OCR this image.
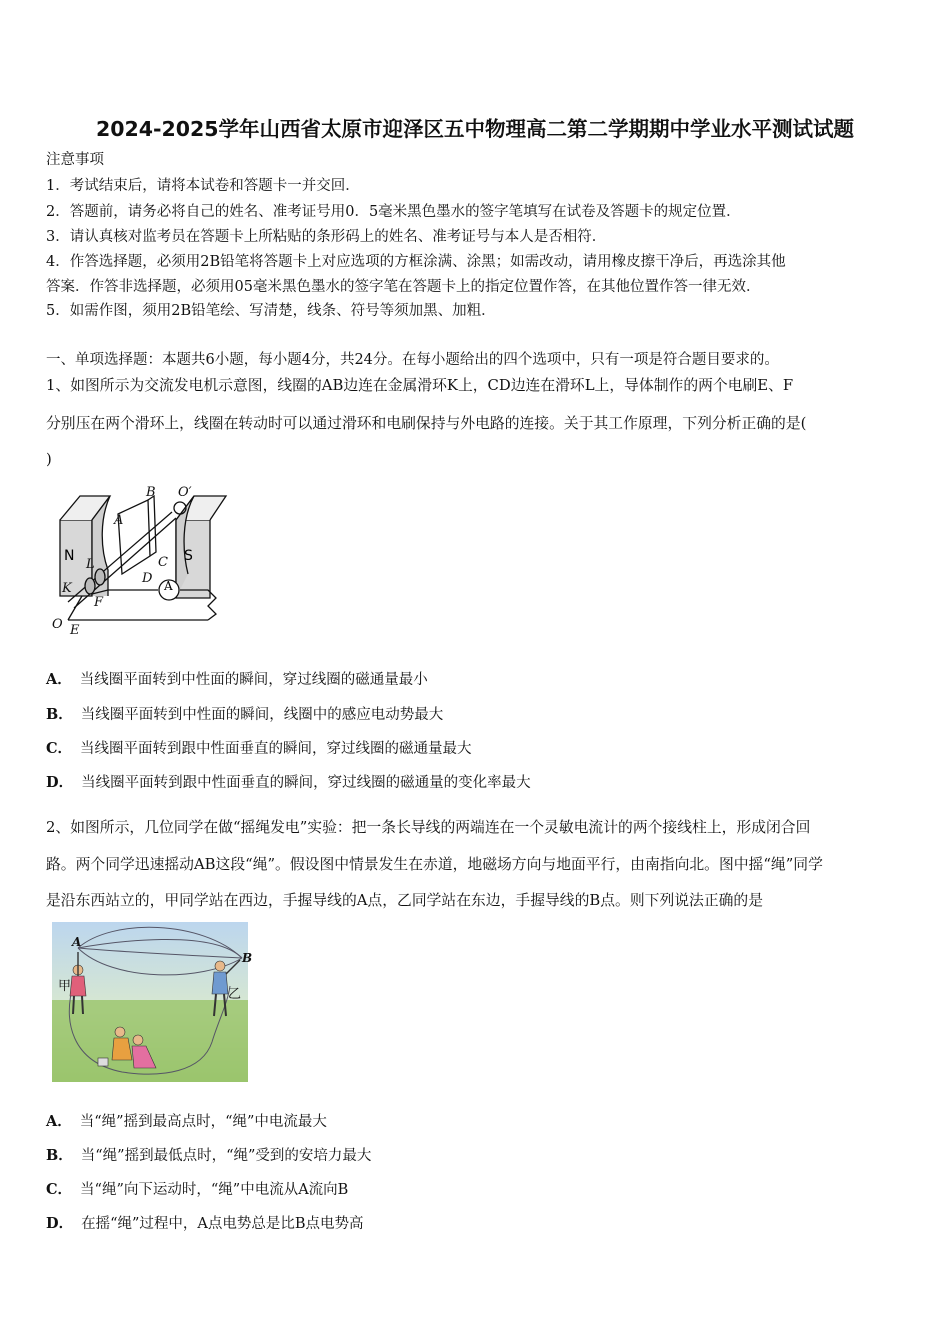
2024-2025学年山西省太原市迎泽区五中物理高二第二学期期中学业水平测试试题
注意事项
1．考试结束后，请将本试卷和答题卡一并交回．
2．答题前，请务必将自己的姓名、准考证号用0．5毫米黑色墨水的签字笔填写在试卷及答题卡的规定位置．
3．请认真核对监考员在答题卡上所粘贴的条形码上的姓名、准考证号与本人是否相符．
4．作答选择题，必须用2B铅笔将答题卡上对应选项的方框涂满、涂黑；如需改动，请用橡皮擦干净后，再选涂其他
答案．作答非选择题，必须用05毫米黑色墨水的签字笔在答题卡上的指定位置作答，在其他位置作答一律无效．
5．如需作图，须用2B铅笔绘、写清楚，线条、符号等须加黑、加粗．
一、单项选择题：本题共6小题，每小题4分，共24分。在每小题给出的四个选项中，只有一项是符合题目要求的。
1、如图所示为交流发电机示意图，线圈的AB边连在金属滑环K上，CD边连在滑环L上，导体制作的两个电刷E、F
分别压在两个滑环上，线圈在转动时可以通过滑环和电刷保持与外电路的连接。关于其工作原理，下列分析正确的是(
)
A
N	S
B O′
A
L	C
K
D
F
O E
A． 当线圈平面转到中性面的瞬间，穿过线圈的磁通量最小
B． 当线圈平面转到中性面的瞬间，线圈中的感应电动势最大
C． 当线圈平面转到跟中性面垂直的瞬间，穿过线圈的磁通量最大
D． 当线圈平面转到跟中性面垂直的瞬间，穿过线圈的磁通量的变化率最大
2、如图所示，几位同学在做“摇绳发电”实验：把一条长导线的两端连在一个灵敏电流计的两个接线柱上，形成闭合回
路。两个同学迅速摇动AB这段“绳”。假设图中情景发生在赤道，地磁场方向与地面平行，由南指向北。图中摇“绳”同学
是沿东西站立的，甲同学站在西边，手握导线的A点，乙同学站在东边，手握导线的B点。则下列说法正确的是
A
B
甲
乙
A． 当“绳”摇到最高点时，“绳”中电流最大
B． 当“绳”摇到最低点时，“绳”受到的安培力最大
C． 当“绳”向下运动时，“绳”中电流从A流向B
D． 在摇“绳”过程中，A点电势总是比B点电势高
